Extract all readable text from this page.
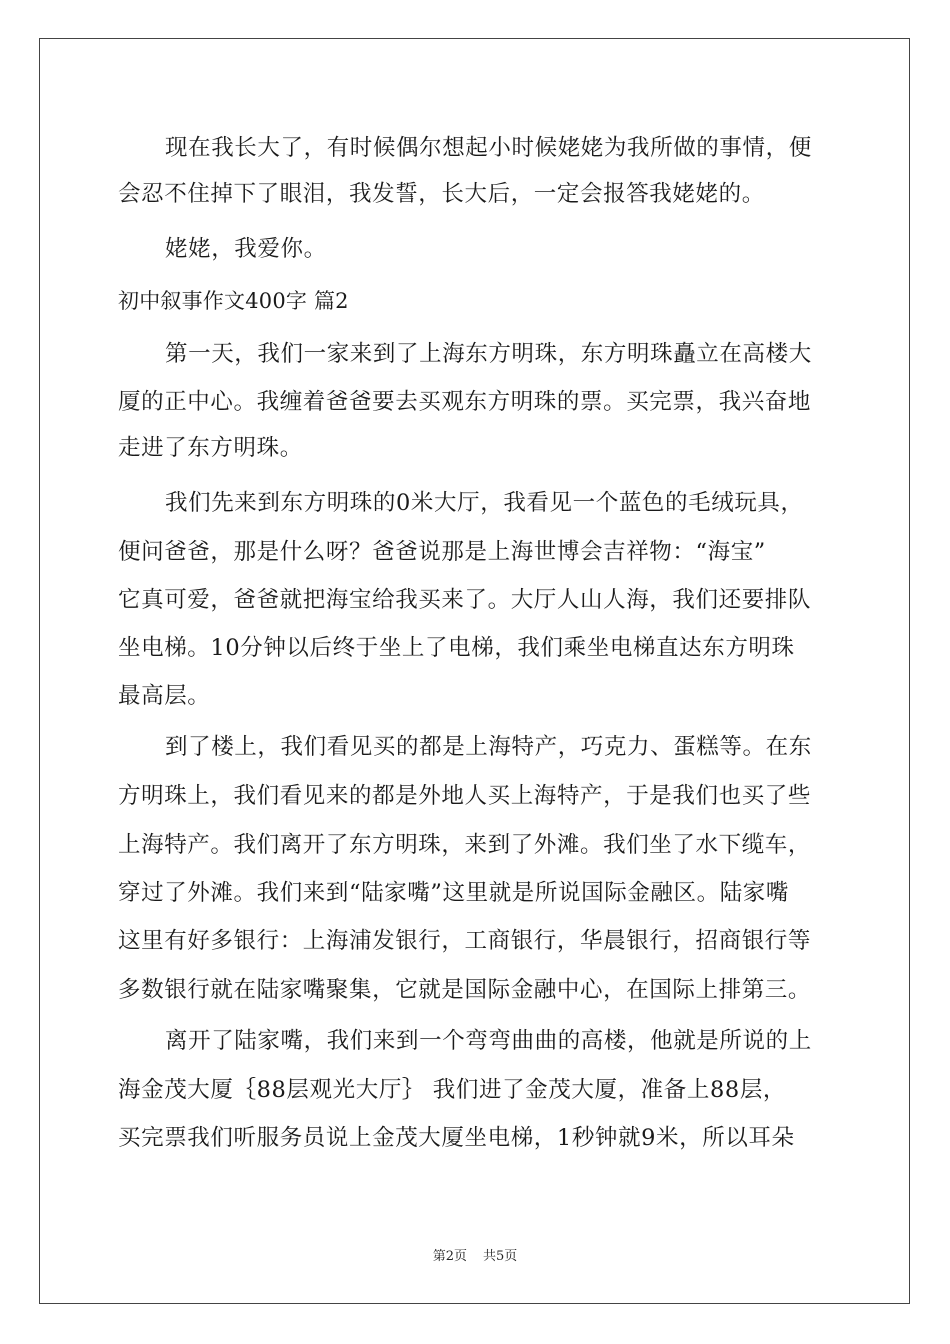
现在我长大了，有时候偶尔想起小时候姥姥为我所做的事情，便
会忍不住掉下了眼泪，我发誓，长大后，一定会报答我姥姥的。
姥姥，我爱你。
初中叙事作文400字 篇2
第一天，我们一家来到了上海东方明珠，东方明珠矗立在高楼大
厦的正中心。我缠着爸爸要去买观东方明珠的票。买完票，我兴奋地
走进了东方明珠。
我们先来到东方明珠的0米大厅，我看见一个蓝色的毛绒玩具，
便问爸爸，那是什么呀？爸爸说那是上海世博会吉祥物：“海宝”
它真可爱，爸爸就把海宝给我买来了。大厅人山人海，我们还要排队
坐电梯。10分钟以后终于坐上了电梯，我们乘坐电梯直达东方明珠
最高层。
到了楼上，我们看见买的都是上海特产，巧克力、蛋糕等。在东
方明珠上，我们看见来的都是外地人买上海特产，于是我们也买了些
上海特产。我们离开了东方明珠，来到了外滩。我们坐了水下缆车，
穿过了外滩。我们来到“陆家嘴”这里就是所说国际金融区。陆家嘴
这里有好多银行：上海浦发银行，工商银行，华晨银行，招商银行等
多数银行就在陆家嘴聚集，它就是国际金融中心，在国际上排第三。
离开了陆家嘴，我们来到一个弯弯曲曲的高楼，他就是所说的上
海金茂大厦｛88层观光大厅｝ 我们进了金茂大厦，准备上88层，
买完票我们听服务员说上金茂大厦坐电梯，1秒钟就9米，所以耳朵
第2页 共5页
